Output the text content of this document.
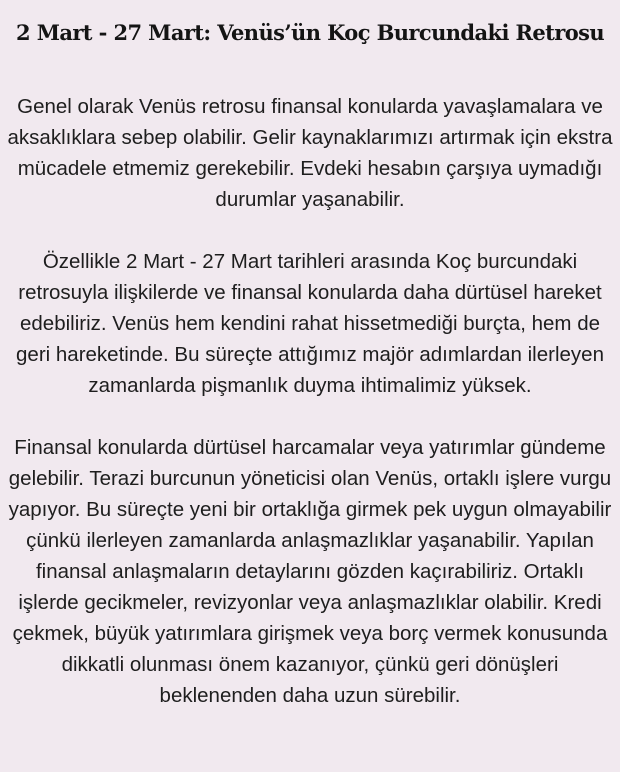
2 Mart - 27 Mart: Venüs’ün Koç Burcundaki Retrosu

Genel olarak Venüs retrosu finansal konularda yavaşlamalara ve aksaklıklara sebep olabilir. Gelir kaynaklarımızı artırmak için ekstra mücadele etmemiz gerekebilir. Evdeki hesabın çarşıya uymadığı durumlar yaşanabilir.

Özellikle 2 Mart - 27 Mart tarihleri arasında Koç burcundaki retrosuyla ilişkilerde ve finansal konularda daha dürtüsel hareket edebiliriz. Venüs hem kendini rahat hissetmediği burçta, hem de geri hareketinde. Bu süreçte attığımız majör adımlardan ilerleyen zamanlarda pişmanlık duyma ihtimalimiz yüksek.

Finansal konularda dürtüsel harcamalar veya yatırımlar gündeme gelebilir. Terazi burcunun yöneticisi olan Venüs, ortaklı işlere vurgu yapıyor. Bu süreçte yeni bir ortaklığa girmek pek uygun olmayabilir çünkü ilerleyen zamanlarda anlaşmazlıklar yaşanabilir. Yapılan finansal anlaşmaların detaylarını gözden kaçırabiliriz. Ortaklı işlerde gecikmeler, revizyonlar veya anlaşmazlıklar olabilir. Kredi çekmek, büyük yatırımlara girişmek veya borç vermek konusunda dikkatli olunması önem kazanıyor, çünkü geri dönüşleri beklenenden daha uzun sürebilir.
